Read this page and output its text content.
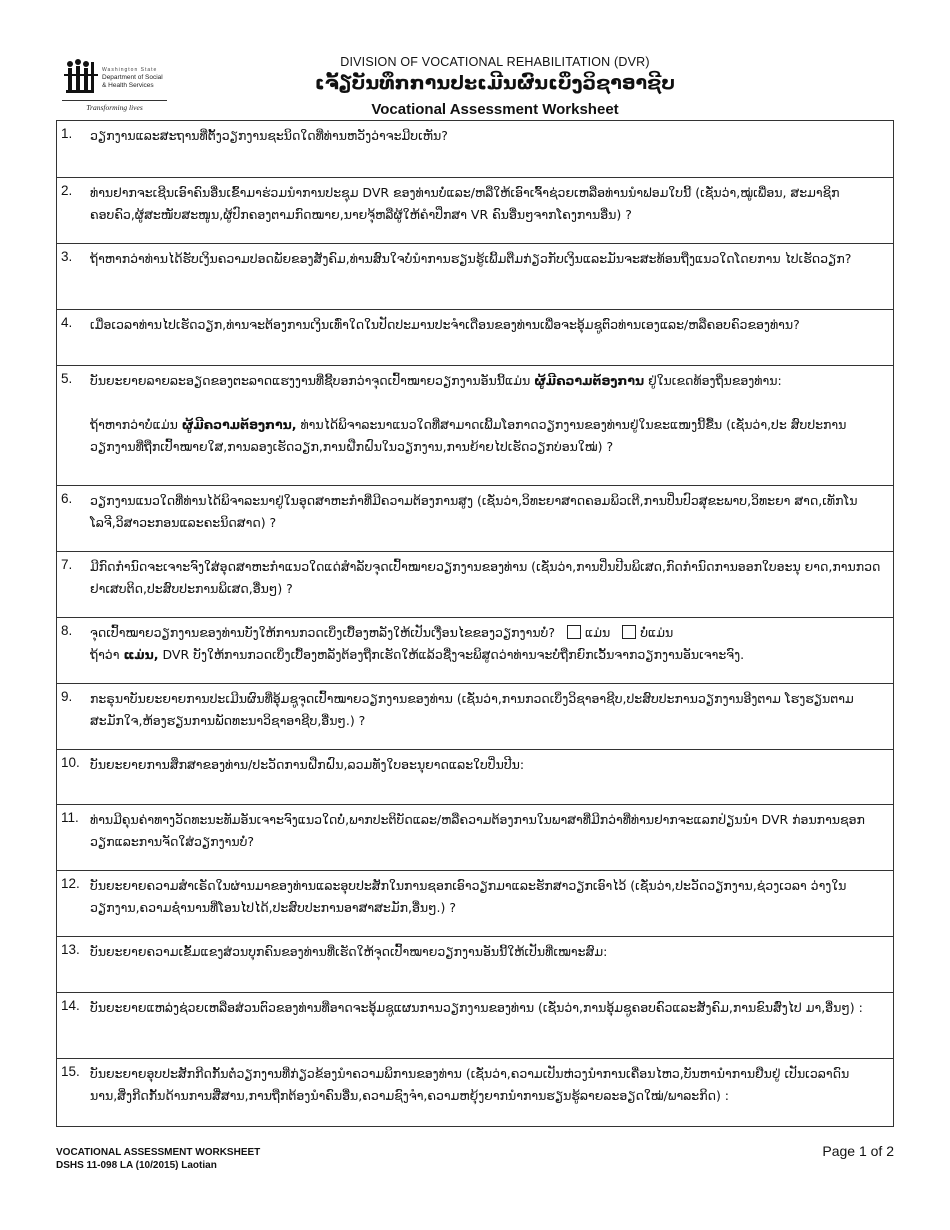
Washington State
Department of Social
& Health Services
Transforming lives
DIVISION OF VOCATIONAL REHABILITATION (DVR)
ເຈັ້ຽບັນທຶກການປະເມີນຜົນເບິ່ງວິຊາອາຊີບ
Vocational Assessment Worksheet
1. ວຽກງານແລະສະຖານທີ່ຕັ້ງວຽກງານຊະນິດໃດທີ່ທ່ານຫວັງວ່າຈະມີບເຫັນ?
2. ທ່ານຢາກຈະເຊີນເອົາຄົນອື່ນເຂົ້າມາຮ່ວມນຳການປະຊຸມ DVR ຂອງທ່ານບໍ່ແລະ/ຫລືໃຫ້ເອົາເຈົ້າຊ່ວຍເຫລືອທ່ານນຳຟອມໃບນີ້ (ເຊັ່ນວ່າ,ໝູ່ເພື່ອນ, ສະມາຊິກຄອບຄົວ,ຜູ້ສະໜັບສະໜູນ,ຜູ້ປົກຄອງຕາມກົດໝາຍ,ນາຍຈຸ້ຫລືຜູ້ໃຫ້ຄຳປຶກສາ VR ຄົນອື່ນໆຈາກໂຄງການອື່ນ) ?
3. ຖ້າຫາກວ່າທ່ານໄດ້ຮັບເງິນຄວາມປອດພັຍຂອງສັງຄົມ,ທ່ານສົນໃຈບໍ່ນຳການຮຽນຮູ້ເພີ້ມຕືມກ່ຽວກັບເງິນແລະມັນຈະສະທ້ອນຖືງແນວໃດໂດຍການ ໄປເຮັດວຽກ?
4. ເມື່ອເວລາທ່ານໄປເຮັດວຽກ,ທ່ານຈະຕ້ອງການເງິນເທົ່າໃດໃນປັດປະມານປະຈຳເດືອນຂອງທ່ານເພື່ອຈະອຸ້ມຊູຕົວທ່ານເອງແລະ/ຫລືຄອບຄົວຂອງທ່ານ?
5. ບັນຍະຍາຍລາຍລະອຽດຂອງຕະລາດແຮງງານທີ່ຊີ້ບອກວ່າຈຸດເປົ້າໝາຍວຽກງານອັນນີ້ແມ່ນ ຜູ້ມີຄວາມຕ້ອງການ ຢູ່ໃນເຂດທ້ອງຖິ່ນຂອງທ່ານ:
ຖ້າຫາກວ່າບໍ່ແມ່ນ ຜູ້ມີຄວາມຕ້ອງການ, ທ່ານໄດ້ພິຈາລະນາແນວໃດທີ່ສາມາດເພີ້ມໂອກາດວຽກງານຂອງທ່ານຢູ່ໃນຂະແໜງນີ້ຂື້ນ (ເຊັ່ນວ່າ,ປະ ສົບປະການວຽກງານທີ່ຖືກເປົ້າໝາຍໃສ,ການລອງເຮັດວຽກ,ການຝືກຝົນໃນວຽກງານ,ການຍ້າຍໄປເຮັດວຽກບ່ອນໃໝ່) ?
6. ວຽກງານແນວໃດທີ່ທ່ານໄດ້ພິຈາລະນາຢູ່ໃນອຸດສາຫະກຳທີ່ມີຄວາມຕ້ອງການສູງ (ເຊັ່ນວ່າ,ວິທະຍາສາດຄອມພິວເຕີ,ການປິ່ນປົວສຸຂະພາບ,ວິທະຍາ ສາດ,ເທັກໂນໂລຈີ,ວິສາວະກອນແລະຄະນິດສາດ) ?
7. ມີກົດກຳນົດຈະເຈາະຈົງໃສ່ອຸດສາຫະກຳແນວໃດແດ່ສຳລັບຈຸດເປົ້າໝາຍວຽກງານຂອງທ່ານ (ເຊັ່ນວ່າ,ການປິ່ນປີນພິເສດ,ກົດກຳນົດການອອກໃບອະນຸ ຍາດ,ການກວດຢາເສບຕິດ,ປະສົບປະການພິເສດ,ອື່ນໆ) ?
8. ຈຸດເປົ້າໝາຍວຽກງານຂອງທ່ານບັງໃຫ້ການກວດເບິ່ງເບື້ອງຫລັງໃຫ້ເປັນເງື່ອນໄຂຂອງວຽກງານບໍ່? ແມ່ນ ບໍ່ແມ່ນ
ຖ້າວ່າ ແມ່ນ, DVR ບັງໃຫ້ການກວດເບິ່ງເບື້ອງຫລັງຕ້ອງຖືກເຮັດໃຫ້ແລ້ວຊື່ງຈະພິສູດວ່າທ່ານຈະບໍ່ຖືກຍົກເວັ້ນຈາກວຽກງານອັນເຈາະຈົງ.
9. ກະຣຸນາບັນຍະຍາຍການປະເມີນຜົນທີ່ອຸ້ມຊູຈຸດເປົ້າໝາຍວຽກງານຂອງທ່ານ (ເຊັ່ນວ່າ,ການກວດເບິ່ງວິຊາອາຊີບ,ປະສົບປະການວຽກງານອີງຕາມ ໂຮງຮຽນຕາມສະມັກໃຈ,ຫ້ອງຮຽນການພັດທະນາວິຊາອາຊີບ,ອື່ນໆ.) ?
10. ບັນຍະຍາຍການສຶກສາຂອງທ່ານ/ປະວັດການຝືກຝົນ,ລວມທັງໃບອະນຸຍາດແລະໃບປິ່ນປີນ:
11. ທ່ານມີຄຸນຄ່າທາງວັດທະນະທັມອັນເຈາະຈົງແນວໃດບໍ່,ພາກປະຕິບັດແລະ/ຫລືຄວາມຕ້ອງການໃນພາສາທີ່ມີກວ່າທີ່ທ່ານຢາກຈະແລກປ່ຽນນຳ DVR ກ່ອນການຊອກວຽກແລະການຈັດໃສ່ວຽກງານບໍ່?
12. ບັນຍະຍາຍຄວາມສຳເຣັດໃນຜ່ານມາຂອງທ່ານແລະອຸບປະສັກໃນການຊອກເອົາວຽກມາແລະຮັກສາວຽກເອົາໄວ້ (ເຊັ່ນວ່າ,ປະວັດວຽກງານ,ຊ່ວງເວລາ ວ່າງໃນວຽກງານ,ຄວາມຊຳນານທີ່ໂອນໄປໄດ້,ປະສົບປະການອາສາສະມັກ,ອື່ນໆ.) ?
13. ບັນຍະຍາຍຄວາມເຂັ້ມແຂງສ່ວນບຸກຄົນຂອງທ່ານທີ່ເຮັດໃຫ້ຈຸດເປົ້າໝາຍວຽກງານອັນນີ້ໃຫ້ເປັນທີ່ເໝາະສົມ:
14. ບັນຍະຍາຍແຫລ່ງຊ່ວຍເຫລືອສ່ວນຕົວຂອງທ່ານທີ່ອາດຈະອຸ້ມຊູແຜນການວຽກງານຂອງທ່ານ (ເຊັ່ນວ່າ,ການອຸ້ມຊູຄອບຄົວແລະສັງຄົມ,ການຂົນສົ່ງໄປ ມາ,ອື່ນໆ) :
15. ບັນຍະຍາຍອຸບປະສັກກີດກັ້ນຕໍ່ວຽກງານທີ່ກ່ຽວຂ້ອງນຳຄວາມພິການຂອງທ່ານ (ເຊັ່ນວ່າ,ຄວາມເປັນຫ່ວງນຳການເຄື່ອນໄຫວ,ບັນຫານຳການຢືນຢູ່ ເປັນເວລາດົນນານ,ສິ່ງກີດກັ້ນດ້ານການສື່ສານ,ການຖືກຕ້ອງນຳຄົນອື່ນ,ຄວາມຊົງຈຳ,ຄວາມຫຍຸ້ງຍາກນຳການຮຽນຮູ້ລາຍລະອຽດໃໝ່/ພາລະກິດ) :
VOCATIONAL ASSESSMENT WORKSHEET
DSHS 11-098 LA (10/2015) Laotian
Page 1 of 2
